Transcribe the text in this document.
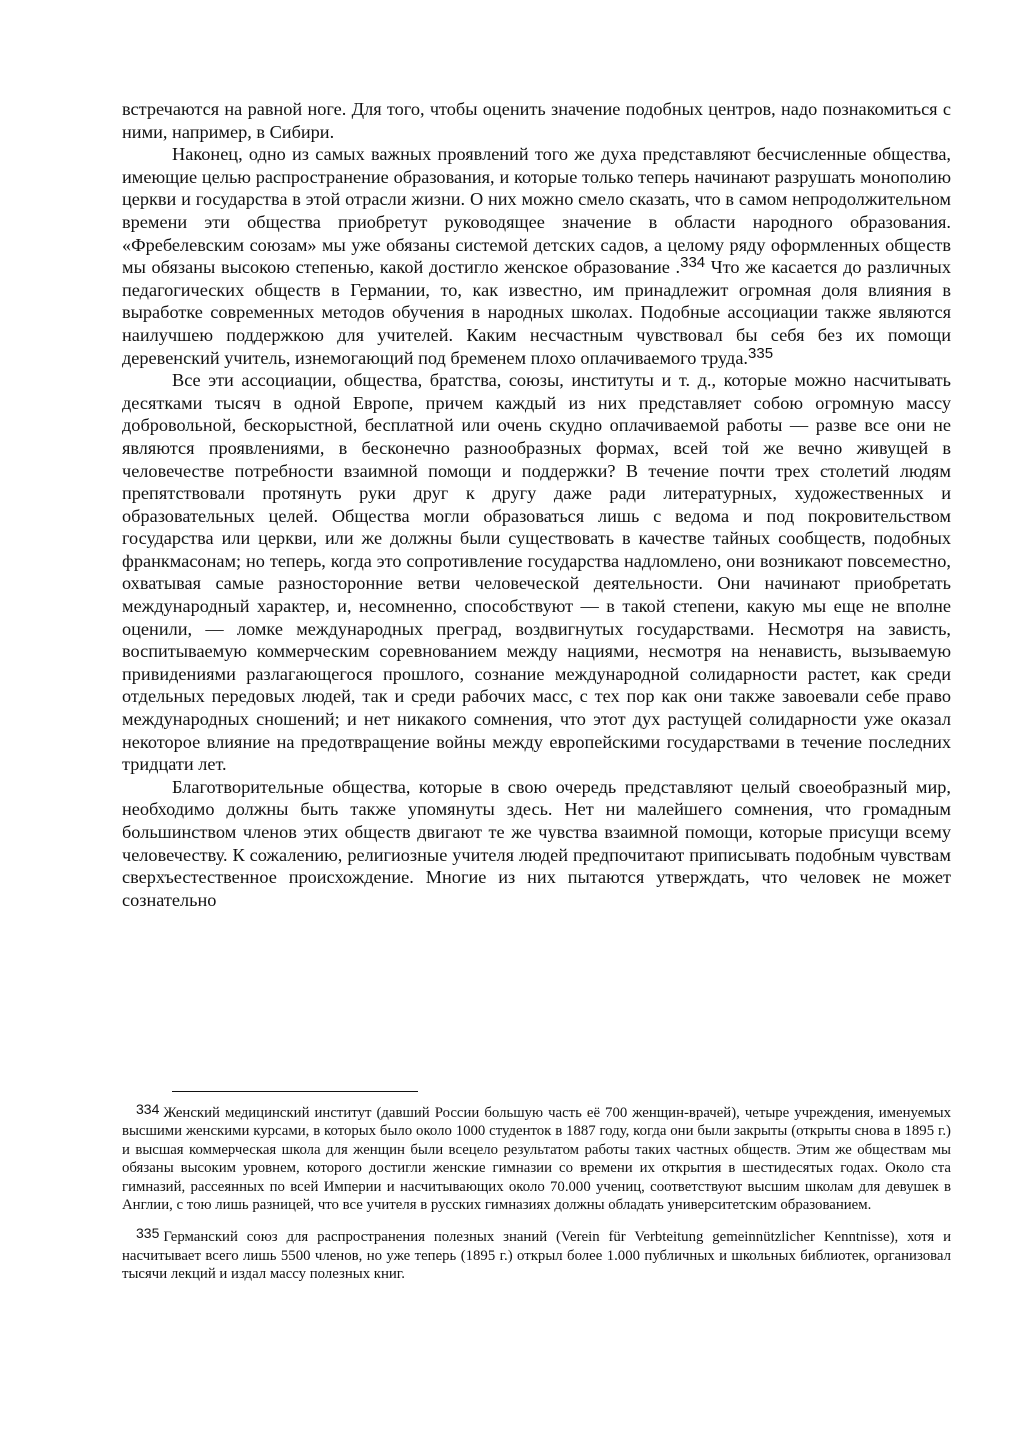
встречаются на равной ноге. Для того, чтобы оценить значение подобных центров, надо познакомиться с ними, например, в Сибири.

Наконец, одно из самых важных проявлений того же духа представляют бесчисленные общества, имеющие целью распространение образования, и которые только теперь начинают разрушать монополию церкви и государства в этой отрасли жизни. О них можно смело сказать, что в самом непродолжительном времени эти общества приобретут руководящее значение в области народного образования. «Фребелевским союзам» мы уже обязаны системой детских садов, а целому ряду оформленных обществ мы обязаны высокою степенью, какой достигло женское образование .$^{334}$ Что же касается до различных педагогических обществ в Германии, то, как известно, им принадлежит огромная доля влияния в выработке современных методов обучения в народных школах. Подобные ассоциации также являются наилучшею поддержкою для учителей. Каким несчастным чувствовал бы себя без их помощи деревенский учитель, изнемогающий под бременем плохо оплачиваемого труда.$^{335}$

Все эти ассоциации, общества, братства, союзы, институты и т. д., которые можно насчитывать десятками тысяч в одной Европе, причем каждый из них представляет собою огромную массу добровольной, бескорыстной, бесплатной или очень скудно оплачиваемой работы — разве все они не являются проявлениями, в бесконечно разнообразных формах, всей той же вечно живущей в человечестве потребности взаимной помощи и поддержки? В течение почти трех столетий людям препятствовали протянуть руки друг к другу даже ради литературных, художественных и образовательных целей. Общества могли образоваться лишь с ведома и под покровительством государства или церкви, или же должны были существовать в качестве тайных сообществ, подобных франкмасонам; но теперь, когда это сопротивление государства надломлено, они возникают повсеместно, охватывая самые разносторонние ветви человеческой деятельности. Они начинают приобретать международный характер, и, несомненно, способствуют — в такой степени, какую мы еще не вполне оценили, — ломке международных преград, воздвигнутых государствами. Несмотря на зависть, воспитываемую коммерческим соревнованием между нациями, несмотря на ненависть, вызываемую привидениями разлагающегося прошлого, сознание международной солидарности растет, как среди отдельных передовых людей, так и среди рабочих масс, с тех пор как они также завоевали себе право международных сношений; и нет никакого сомнения, что этот дух растущей солидарности уже оказал некоторое влияние на предотвращение войны между европейскими государствами в течение последних тридцати лет.

Благотворительные общества, которые в свою очередь представляют целый своеобразный мир, необходимо должны быть также упомянуты здесь. Нет ни малейшего сомнения, что громадным большинством членов этих обществ двигают те же чувства взаимной помощи, которые присущи всему человечеству. К сожалению, религиозные учителя людей предпочитают приписывать подобным чувствам сверхъестественное происхождение. Многие из них пытаются утверждать, что человек не может сознательно

334 Женский медицинский институт (давший России большую часть её 700 женщин-врачей), четыре учреждения, именуемых высшими женскими курсами, в которых было около 1000 студенток в 1887 году, когда они были закрыты (открыты снова в 1895 г.) и высшая коммерческая школа для женщин были всецело результатом работы таких частных обществ. Этим же обществам мы обязаны высоким уровнем, которого достигли женские гимназии со времени их открытия в шестидесятых годах. Около ста гимназий, рассеянных по всей Империи и насчитывающих около 70.000 учениц, соответствуют высшим школам для девушек в Англии, с тою лишь разницей, что все учителя в русских гимназиях должны обладать университетским образованием.

335 Германский союз для распространения полезных знаний (Verein für Verbteitung gemeinnützlicher Kenntnisse), хотя и насчитывает всего лишь 5500 членов, но уже теперь (1895 г.) открыл более 1.000 публичных и школьных библиотек, организовал тысячи лекций и издал массу полезных книг.
